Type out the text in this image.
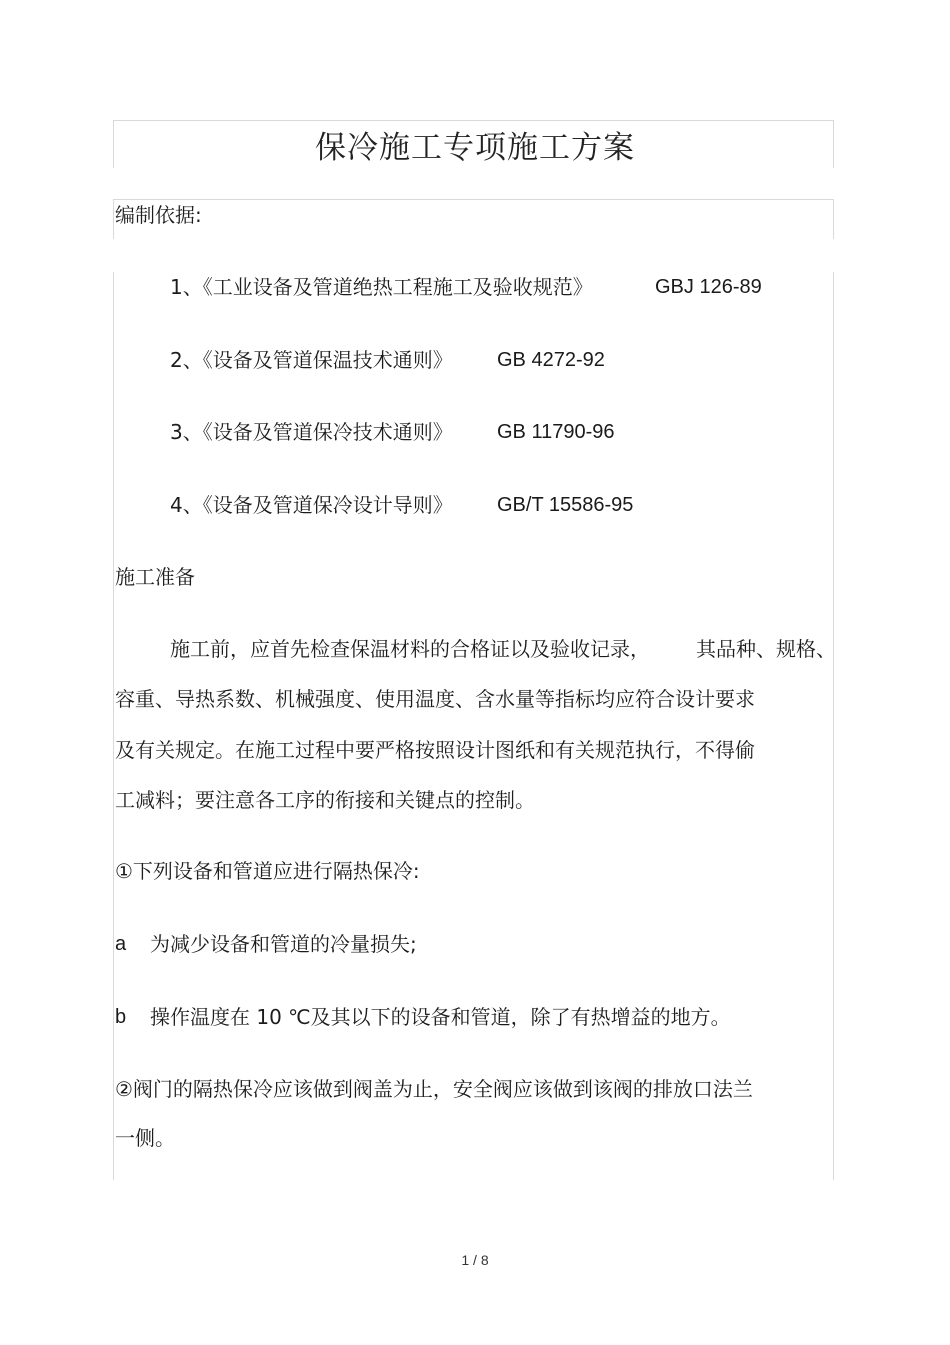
保冷施工专项施工方案
编制依据:
1、《工业设备及管道绝热工程施工及验收规范》	GBJ 126-89
2、《设备及管道保温技术通则》 GB 4272-92
3、《设备及管道保冷技术通则》 GB 11790-96
4、《设备及管道保冷设计导则》 GB/T 15586-95
施工准备
施工前，应首先检查保温材料的合格证以及验收记录， 其品种、规格、
容重、导热系数、机械强度、使用温度、含水量等指标均应符合设计要求
及有关规定。在施工过程中要严格按照设计图纸和有关规范执行，不得偷
工减料；要注意各工序的衔接和关键点的控制。
①下列设备和管道应进行隔热保冷:
a 为减少设备和管道的冷量损失;
b 操作温度在 10 ℃及其以下的设备和管道，除了有热增益的地方。
②阀门的隔热保冷应该做到阀盖为止，安全阀应该做到该阀的排放口法兰
一侧。
1 / 8
